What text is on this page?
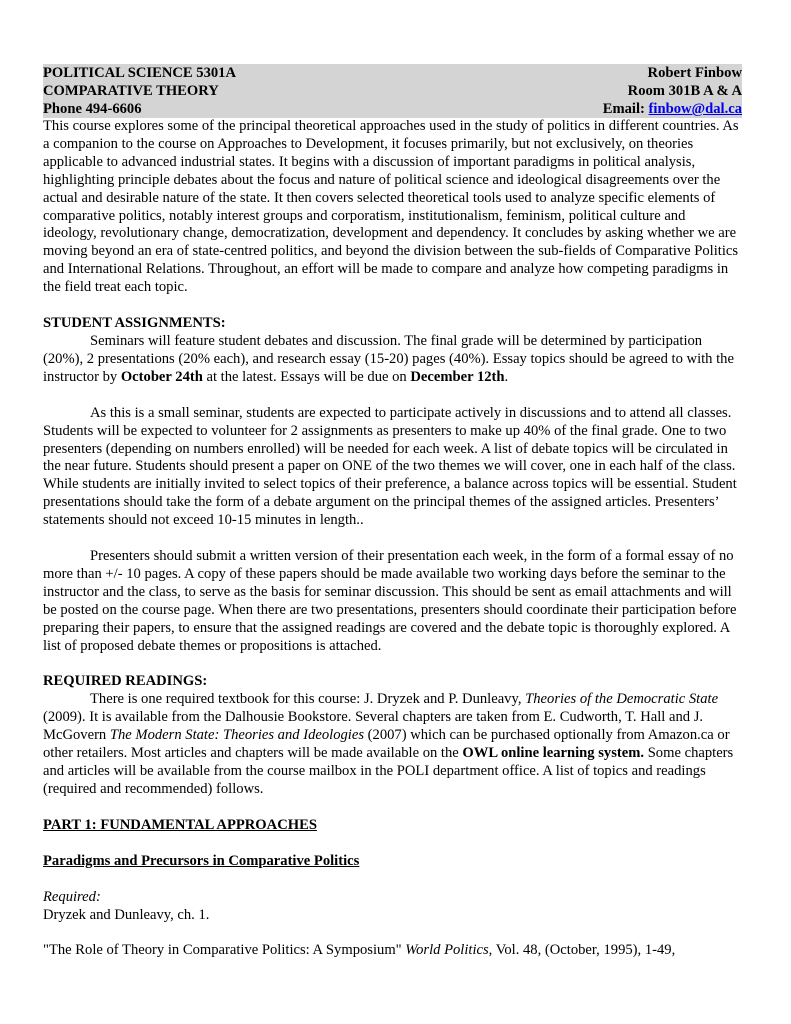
POLITICAL SCIENCE 5301A	Robert Finbow
COMPARATIVE THEORY	Room 301B A & A
Phone 494-6606	Email: finbow@dal.ca

This course explores some of the principal theoretical approaches used in the study of politics in different countries. As a companion to the course on Approaches to Development, it focuses primarily, but not exclusively, on theories applicable to advanced industrial states. It begins with a discussion of important paradigms in political analysis, highlighting principle debates about the focus and nature of political science and ideological disagreements over the actual and desirable nature of the state. It then covers selected theoretical tools used to analyze specific elements of comparative politics, notably interest groups and corporatism, institutionalism, feminism, political culture and ideology, revolutionary change, democratization, development and dependency. It concludes by asking whether we are moving beyond an era of state-centred politics, and beyond the division between the sub-fields of Comparative Politics and International Relations. Throughout, an effort will be made to compare and analyze how competing paradigms in the field treat each topic.

STUDENT ASSIGNMENTS:

Seminars will feature student debates and discussion. The final grade will be determined by participation (20%), 2 presentations (20% each), and research essay (15-20) pages (40%). Essay topics should be agreed to with the instructor by October 24th at the latest. Essays will be due on December 12th.

As this is a small seminar, students are expected to participate actively in discussions and to attend all classes. Students will be expected to volunteer for 2 assignments as presenters to make up 40% of the final grade. One to two presenters (depending on numbers enrolled) will be needed for each week. A list of debate topics will be circulated in the near future. Students should present a paper on ONE of the two themes we will cover, one in each half of the class. While students are initially invited to select topics of their preference, a balance across topics will be essential. Student presentations should take the form of a debate argument on the principal themes of the assigned articles. Presenters’ statements should not exceed 10-15 minutes in length..

Presenters should submit a written version of their presentation each week, in the form of a formal essay of no more than +/- 10 pages. A copy of these papers should be made available two working days before the seminar to the instructor and the class, to serve as the basis for seminar discussion. This should be sent as email attachments and will be posted on the course page. When there are two presentations, presenters should coordinate their participation before preparing their papers, to ensure that the assigned readings are covered and the debate topic is thoroughly explored. A list of proposed debate themes or propositions is attached.

REQUIRED READINGS:

There is one required textbook for this course: J. Dryzek and P. Dunleavy, Theories of the Democratic State (2009). It is available from the Dalhousie Bookstore. Several chapters are taken from E. Cudworth, T. Hall and J. McGovern The Modern State: Theories and Ideologies (2007) which can be purchased optionally from Amazon.ca or other retailers. Most articles and chapters will be made available on the OWL online learning system. Some chapters and articles will be available from the course mailbox in the POLI department office. A list of topics and readings (required and recommended) follows.

PART 1: FUNDAMENTAL APPROACHES

Paradigms and Precursors in Comparative Politics

Required:

Dryzek and Dunleavy, ch. 1.

"The Role of Theory in Comparative Politics: A Symposium" World Politics, Vol. 48, (October, 1995), 1-49,
